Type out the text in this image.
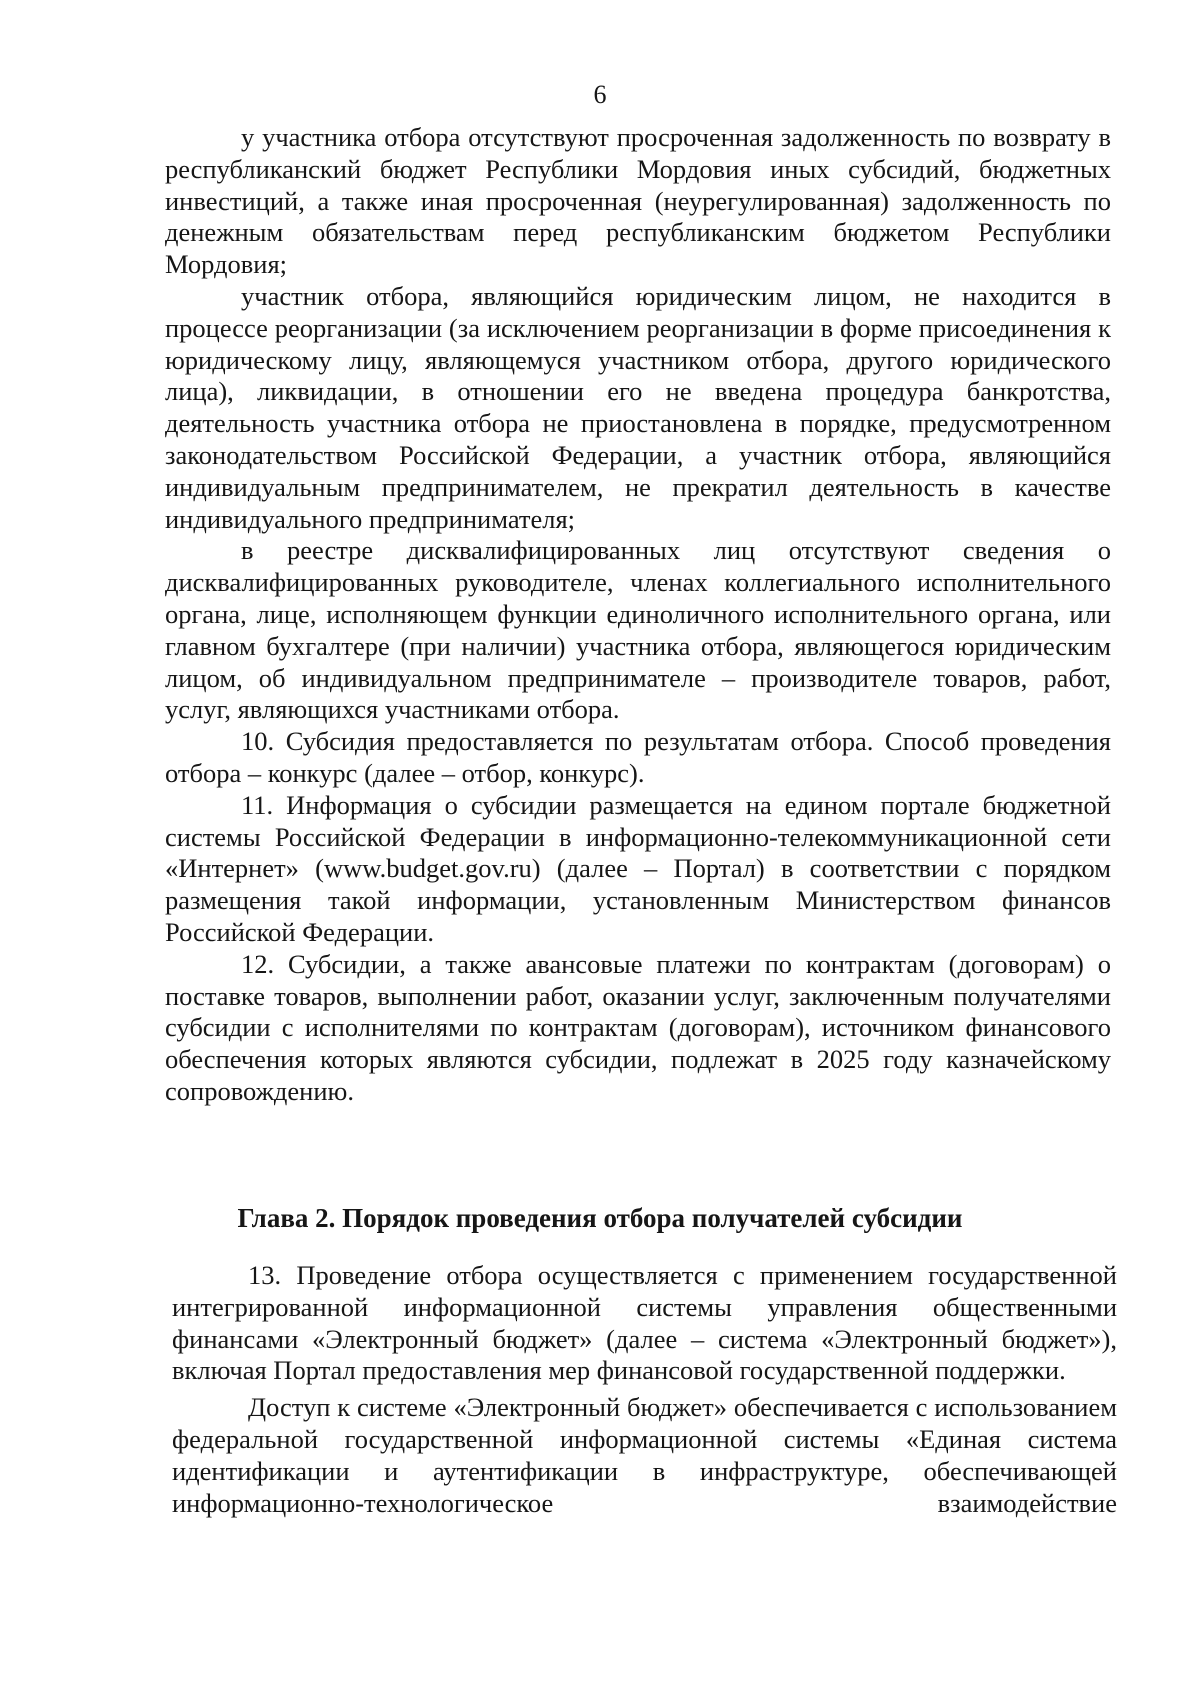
6

у участника отбора отсутствуют просроченная задолженность по возврату в республиканский бюджет Республики Мордовия иных субсидий, бюджетных инвестиций, а также иная просроченная (неурегулированная) задолженность по денежным обязательствам перед республиканским бюджетом Республики Мордовия;

участник отбора, являющийся юридическим лицом, не находится в процессе реорганизации (за исключением реорганизации в форме присоединения к юридическому лицу, являющемуся участником отбора, другого юридического лица), ликвидации, в отношении его не введена процедура банкротства, деятельность участника отбора не приостановлена в порядке, предусмотренном законодательством Российской Федерации, а участник отбора, являющийся индивидуальным предпринимателем, не прекратил деятельность в качестве индивидуального предпринимателя;

в реестре дисквалифицированных лиц отсутствуют сведения о дисквалифицированных руководителе, членах коллегиального исполнительного органа, лице, исполняющем функции единоличного исполнительного органа, или главном бухгалтере (при наличии) участника отбора, являющегося юридическим лицом, об индивидуальном предпринимателе – производителе товаров, работ, услуг, являющихся участниками отбора.

10. Субсидия предоставляется по результатам отбора. Способ проведения отбора – конкурс (далее – отбор, конкурс).

11. Информация о субсидии размещается на едином портале бюджетной системы Российской Федерации в информационно-телекоммуникационной сети «Интернет» (www.budget.gov.ru) (далее – Портал) в соответствии с порядком размещения такой информации, установленным Министерством финансов Российской Федерации.

12. Субсидии, а также авансовые платежи по контрактам (договорам) о поставке товаров, выполнении работ, оказании услуг, заключенным получателями субсидии с исполнителями по контрактам (договорам), источником финансового обеспечения которых являются субсидии, подлежат в 2025 году казначейскому сопровождению.

Глава 2. Порядок проведения отбора получателей субсидии

13. Проведение отбора осуществляется с применением государственной интегрированной информационной системы управления общественными финансами «Электронный бюджет» (далее – система «Электронный бюджет»), включая Портал предоставления мер финансовой государственной поддержки.

Доступ к системе «Электронный бюджет» обеспечивается с использованием федеральной государственной информационной системы «Единая система идентификации и аутентификации в инфраструктуре, обеспечивающей информационно-технологическое взаимодействие
